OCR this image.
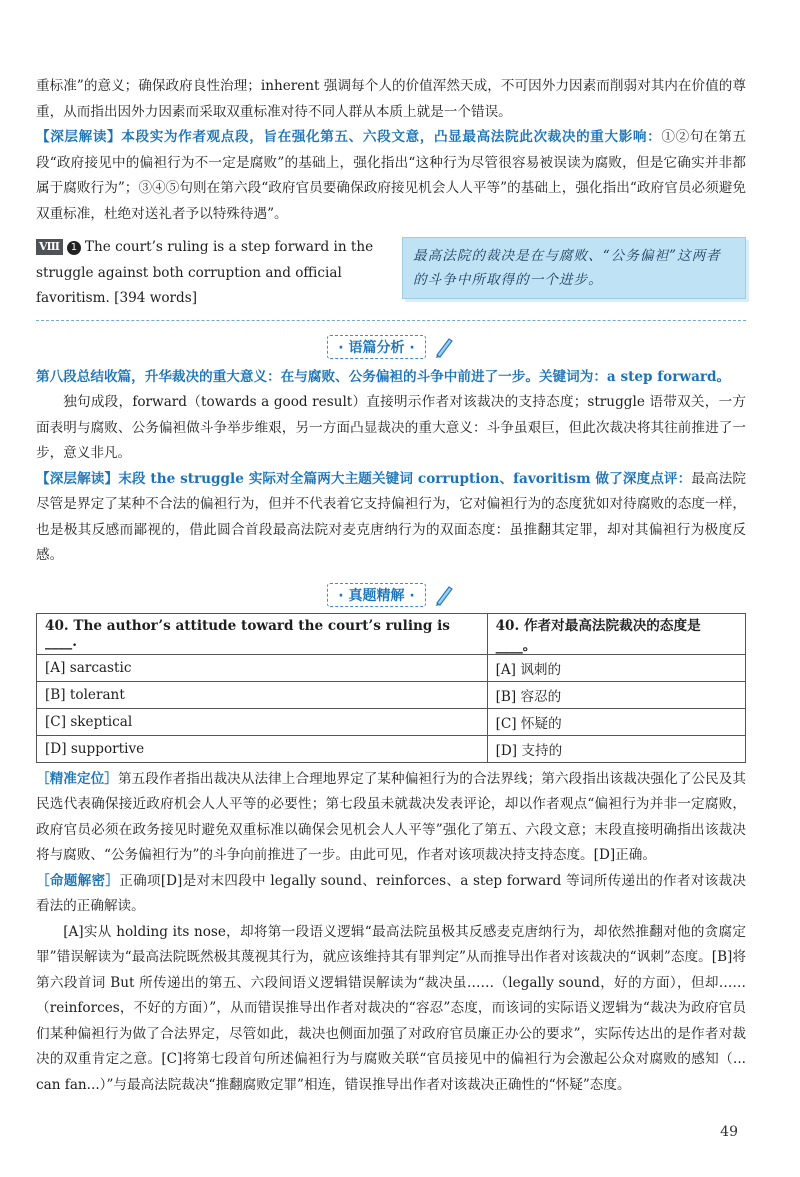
重标准”的意义；确保政府良性治理；inherent 强调每个人的价值浑然天成，不可因外力因素而削弱对其内在价值的尊重，从而指出因外力因素而采取双重标准对待不同人群从本质上就是一个错误。

【深层解读】本段实为作者观点段，旨在强化第五、六段文意，凸显最高法院此次裁决的重大影响：①②句在第五段“政府接见中的偏袒行为不一定是腐败”的基础上，强化指出“这种行为尽管很容易被误读为腐败，但是它确实并非都属于腐败行为”；③④⑤句则在第六段“政府官员要确保政府接见机会人人平等”的基础上，强化指出“政府官员必须避免双重标准，杜绝对送礼者予以特殊待遇”。

Ⅷ 1 The court’s ruling is a step forward in the struggle against both corruption and official favoritism. [394 words]
最高法院的裁决是在与腐败、“公务偏袒”这两者的斗争中所取得的一个进步。
· 语篇分析 ·

第八段总结收篇，升华裁决的重大意义：在与腐败、公务偏袒的斗争中前进了一步。关键词为：a step forward。

独句成段，forward（towards a good result）直接明示作者对该裁决的支持态度；struggle 语带双关，一方面表明与腐败、公务偏袒做斗争举步维艰，另一方面凸显裁决的重大意义：斗争虽艰巨，但此次裁决将其往前推进了一步，意义非凡。

【深层解读】末段 the struggle 实际对全篇两大主题关键词 corruption、favoritism 做了深度点评：最高法院尽管是界定了某种不合法的偏袒行为，但并不代表着它支持偏袒行为，它对偏袒行为的态度犹如对待腐败的态度一样，也是极其反感而鄙视的，借此圆合首段最高法院对麦克唐纳行为的双面态度：虽推翻其定罪，却对其偏袒行为极度反感。

· 真题精解 ·
40. The author’s attitude toward the court’s ruling is ____.	40. 作者对最高法院裁决的态度是____。
[A] sarcastic	[A] 讽刺的
[B] tolerant	[B] 容忍的
[C] skeptical	[C] 怀疑的
[D] supportive	[D] 支持的

［精准定位］第五段作者指出裁决从法律上合理地界定了某种偏袒行为的合法界线；第六段指出该裁决强化了公民及其民选代表确保接近政府机会人人平等的必要性；第七段虽未就裁决发表评论，却以作者观点“偏袒行为并非一定腐败，政府官员必须在政务接见时避免双重标准以确保会见机会人人平等”强化了第五、六段文意；末段直接明确指出该裁决将与腐败、“公务偏袒行为”的斗争向前推进了一步。由此可见，作者对该项裁决持支持态度。[D]正确。

［命题解密］正确项[D]是对末四段中 legally sound、reinforces、a step forward 等词所传递出的作者对该裁决看法的正确解读。

[A]实从 holding its nose，却将第一段语义逻辑“最高法院虽极其反感麦克唐纳行为，却依然推翻对他的贪腐定罪”错误解读为“最高法院既然极其蔑视其行为，就应该维持其有罪判定”从而推导出作者对该裁决的“讽刺”态度。[B]将第六段首词 But 所传递出的第五、六段间语义逻辑错误解读为“裁决虽……（legally sound，好的方面），但却……（reinforces，不好的方面）”，从而错误推导出作者对裁决的“容忍”态度，而该词的实际语义逻辑为“裁决为政府官员们某种偏袒行为做了合法界定，尽管如此，裁决也侧面加强了对政府官员廉正办公的要求”，实际传达出的是作者对裁决的双重肯定之意。[C]将第七段首句所述偏袒行为与腐败关联“官员接见中的偏袒行为会激起公众对腐败的感知（... can fan...）”与最高法院裁决“推翻腐败定罪”相连，错误推导出作者对该裁决正确性的“怀疑”态度。

49
